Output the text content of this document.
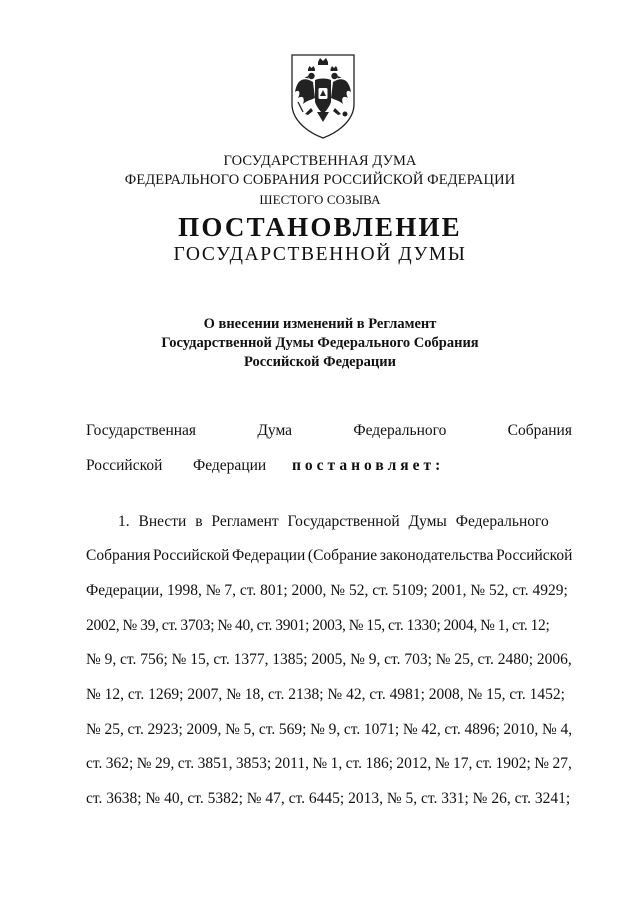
ГОСУДАРСТВЕННАЯ ДУМА
ФЕДЕРАЛЬНОГО СОБРАНИЯ РОССИЙСКОЙ ФЕДЕРАЦИИ
ШЕСТОГО СОЗЫВА
ПОСТАНОВЛЕНИЕ
ГОСУДАРСТВЕННОЙ ДУМЫ
О внесении изменений в Регламент
Государственной Думы Федерального Собрания
Российской Федерации
Государственная	Дума	Федерального	Собрания
Российской Федерации постановляет:
1. Внести в Регламент Государственной Думы Федерального
Собрания Российской Федерации (Собрание законодательства Российской
Федерации, 1998, № 7, ст. 801; 2000, № 52, ст. 5109; 2001, № 52, ст. 4929;
2002, № 39, ст. 3703; № 40, ст. 3901; 2003, № 15, ст. 1330; 2004, № 1, ст. 12;
№ 9, ст. 756; № 15, ст. 1377, 1385; 2005, № 9, ст. 703; № 25, ст. 2480; 2006,
№ 12, ст. 1269; 2007, № 18, ст. 2138; № 42, ст. 4981; 2008, № 15, ст. 1452;
№ 25, ст. 2923; 2009, № 5, ст. 569; № 9, ст. 1071; № 42, ст. 4896; 2010, № 4,
ст. 362; № 29, ст. 3851, 3853; 2011, № 1, ст. 186; 2012, № 17, ст. 1902; № 27,
ст. 3638; № 40, ст. 5382; № 47, ст. 6445; 2013, № 5, ст. 331; № 26, ст. 3241;
